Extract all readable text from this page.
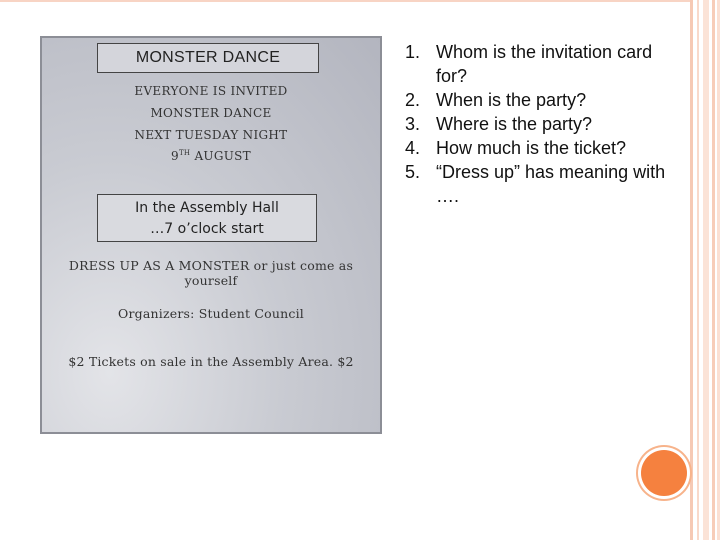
MONSTER DANCE
EVERYONE IS INVITED
MONSTER DANCE
NEXT TUESDAY NIGHT
9TH AUGUST
In the Assembly Hall
…7 o’clock start
DRESS UP AS A MONSTER or just come as yourself
Organizers: Student Council
$2 Tickets on sale in the Assembly Area. $2
1. Whom is the invitation card for?
2. When is the party?
3. Where is the party?
4. How much is the ticket?
5. “Dress up” has meaning with ….
